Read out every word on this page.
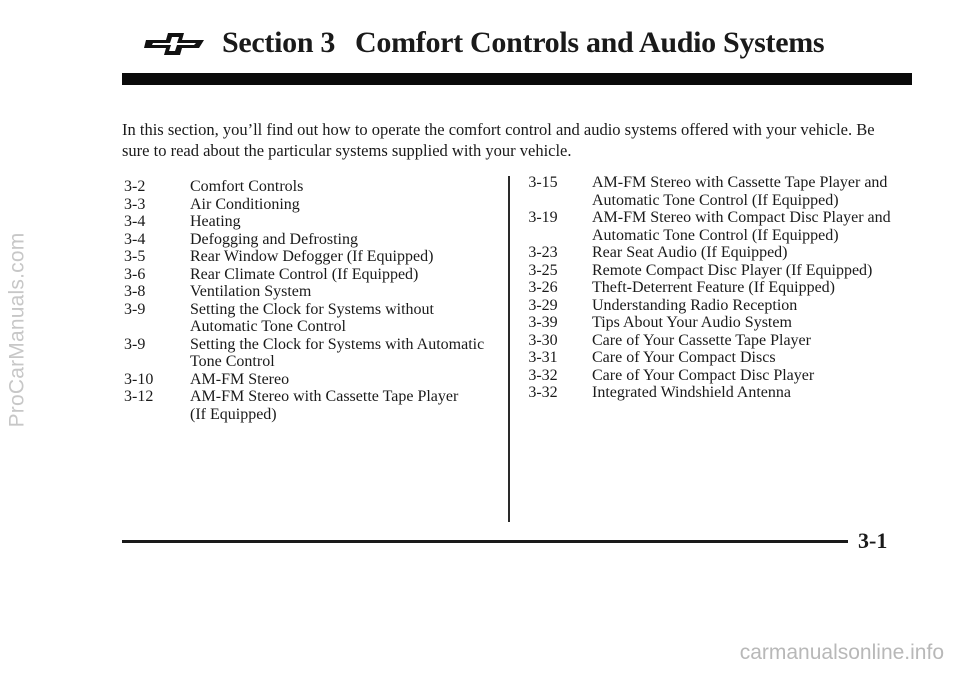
ProCarManuals.com
Section 3 Comfort Controls and Audio Systems

In this section, you’ll find out how to operate the comfort control and audio systems offered with your vehicle. Be sure to read about the particular systems supplied with your vehicle.

3-2	Comfort Controls
3-3	Air Conditioning
3-4	Heating
3-4	Defogging and Defrosting
3-5	Rear Window Defogger (If Equipped)
3-6	Rear Climate Control (If Equipped)
3-8	Ventilation System
3-9	Setting the Clock for Systems without
Automatic Tone Control
3-9	Setting the Clock for Systems with Automatic
Tone Control
3-10	AM-FM Stereo
3-12	AM-FM Stereo with Cassette Tape Player
(If Equipped)
3-15	AM-FM Stereo with Cassette Tape Player and
Automatic Tone Control (If Equipped)
3-19	AM-FM Stereo with Compact Disc Player and
Automatic Tone Control (If Equipped)
3-23	Rear Seat Audio (If Equipped)
3-25	Remote Compact Disc Player (If Equipped)
3-26	Theft-Deterrent Feature (If Equipped)
3-29	Understanding Radio Reception
3-39	Tips About Your Audio System
3-30	Care of Your Cassette Tape Player
3-31	Care of Your Compact Discs
3-32	Care of Your Compact Disc Player
3-32	Integrated Windshield Antenna
3-1
carmanualsonline.info
